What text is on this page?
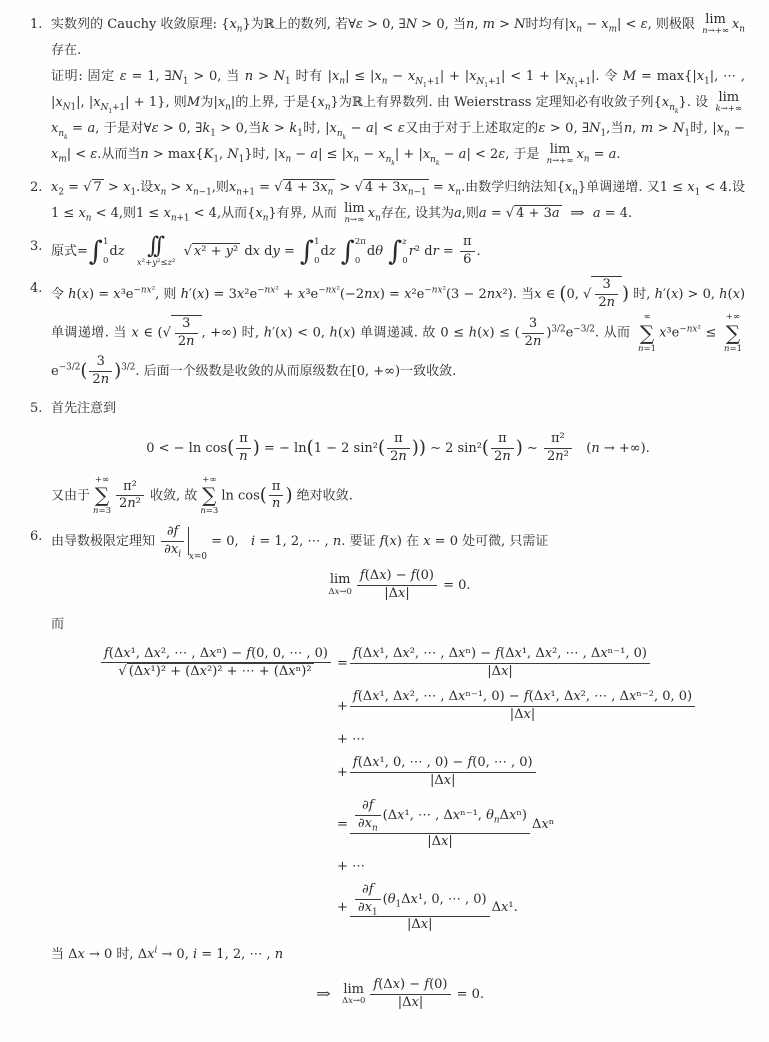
1. 实数列的 Cauchy 收敛原理: $\{x_n\}$为ℝ上的数列, 若∀ε > 0, ∃N > 0, 当n, m > N时均有$|x_n - x_m| < \varepsilon$, 则极限 lim
n→+∞ $x_n$存在.
证明: 固定 ε = 1, $\exists N_1 > 0$, 当 $n > N_1$ 时有 $|x_n| \le |x_n - x_{N_1+1}| + |x_{N_1+1}| < 1 + |x_{N_1+1}|$. 令 $M = \max\{|x_1|$, ⋯ , $|x_{N1}|$, $|x_{N_1+1}| + 1$}, 则M为$|x_n|$的上界, 于是$\{x_n\}$为ℝ上有界数列. 由 Weierstrass 定理知必有收敛子列$\{x_{n_k}\}$. 设 lim
k→+∞
$x_{n_k} = a$, 于是对∀ε > 0, $\exists k_1 > 0$,当$k > k_1$时, $|x_{n_k} - a| < \varepsilon$又由于对于上述取定的ε > 0, $\exists N_1$,当n, $m > N_1$时, $|x_n - x_m| < \varepsilon$.从而当$n > \max\{K_1$, $N_1$}时, $|x_n - a| \le |x_n - x_{n_k}| + |x_{n_k} - a| < 2\varepsilon$, 于是 lim
n→+∞ $x_n = a$.
2. $x_2$ = √ $7 > x_1$.设$x_n > x_{n-1}$,则$x_{n+1}$ = √ $4 + 3x_n$ > √ $4 + 3x_{n-1} = x_n$.由数学归纳法知$\{x_n\}$单调递增. 又$1 \le x_1 < 4$.设$1 \le x_n < 4$,则$1 \le x_{n+1} < 4$,从而$\{x_n\}$有界, 从而 lim
n→∞ $x_n$存在, 设其为a,则a = √ 4 + 3a ⇒ a = 4.
3. 原式= ∫ 1
0
dz ∫∫
x²+y²≤z²
√ x² + y² dx dy = ∫ 1
0
dz ∫ 2π
0
dθ ∫ z
0
r² dr = $\frac{\pi}{6}$ .
4. 令 $h(x) = x^3e^{-nx^2}$, 则 $h'(x) = 3x^2e^{-nx^2} + x^3e^{-nx^2}(-2nx) = x^2e^{-nx^2}(3 - 2nx^2)$. 当x ∈ (0, √ $\frac{3}{2n}$ ) 时, h′(x) > 0, h(x)单调递增. 当 x ∈ (√ $\frac{3}{2n}$ , +∞) 时, h′(x) < 0, h(x) 单调递减. 故 0 ≤ h(x) ≤ ( $\frac{3}{2n} )^{3/2}e^{-3/2}$. 从而
∞
∑
n=1
$x^3e^{-nx^2}$ ≤
+∞
∑
n=1
$e^{-3/2}( \frac{3}{2n} )^{3/2}$. 后面一个级数是收敛的从而原级数在[0, +∞)一致收敛.
5. 首先注意到
0 < − $\ln \cos( \frac{\pi}{n}$ ) = − ln(1 − 2 $\sin^2( \frac{\pi}{2n}$ )) ∼ 2 $\sin^2( \frac{\pi}{2n}$ ) ∼ $\frac{\text{π²}}{\text{2n²}} (n$ → +∞).
又由于
+∞
∑
$n=3 \frac{\text{π²}}{\text{2n²}}$ 收敛, 故
+∞
∑
n=3
$\ln \cos( \frac{\pi}{n}$ ) 绝对收敛.
6. 由导数极限定理知 $\frac{\partial f}{\partial x_i} _{x=0} = 0$,   i = 1, 2, ⋯ , n. 要证 f(x) 在 x = 0 处可微, 只需证
lim
$\Delta x\to 0 \frac{f(\Delta x) - f(0)}{|\Delta x|} = 0$.
而
f(Δx¹, Δx², ⋯ , Δxⁿ) − f(0, 0, ⋯ , 0)
√ (Δx¹)² + (Δx²)² + ⋯ + (Δxⁿ)²
=
f(Δx¹, Δx², ⋯ , Δxⁿ) − f(Δx¹, Δx², ⋯ , Δxⁿ⁻¹, 0)
|Δx|
+
f(Δx¹, Δx², ⋯ , Δxⁿ⁻¹, 0) − f(Δx¹, Δx², ⋯ , Δxⁿ⁻², 0, 0)
|Δx|
+ ⋯
+
f(Δx¹, 0, ⋯ , 0) − f(0, ⋯ , 0)
|Δx|
= $\frac{\partial f}{\partial x_n} (\Delta x^1$, ⋯ , Δxⁿ⁻¹, $\theta_n\Delta x^n$)
|Δx|
Δ x ⁿ
+ ⋯
+ $\frac{\partial f}{\partial x_1} (\theta_1\Delta x^1$, 0, ⋯ , 0)
|Δx|
Δ x ¹.
当 Δx → 0 时, $\Delta x^i \to 0$, i = 1, 2, ⋯ , n
⇒ lim
$\Delta x\to 0 \frac{f(\Delta x) - f(0)}{|\Delta x|} = 0$.
